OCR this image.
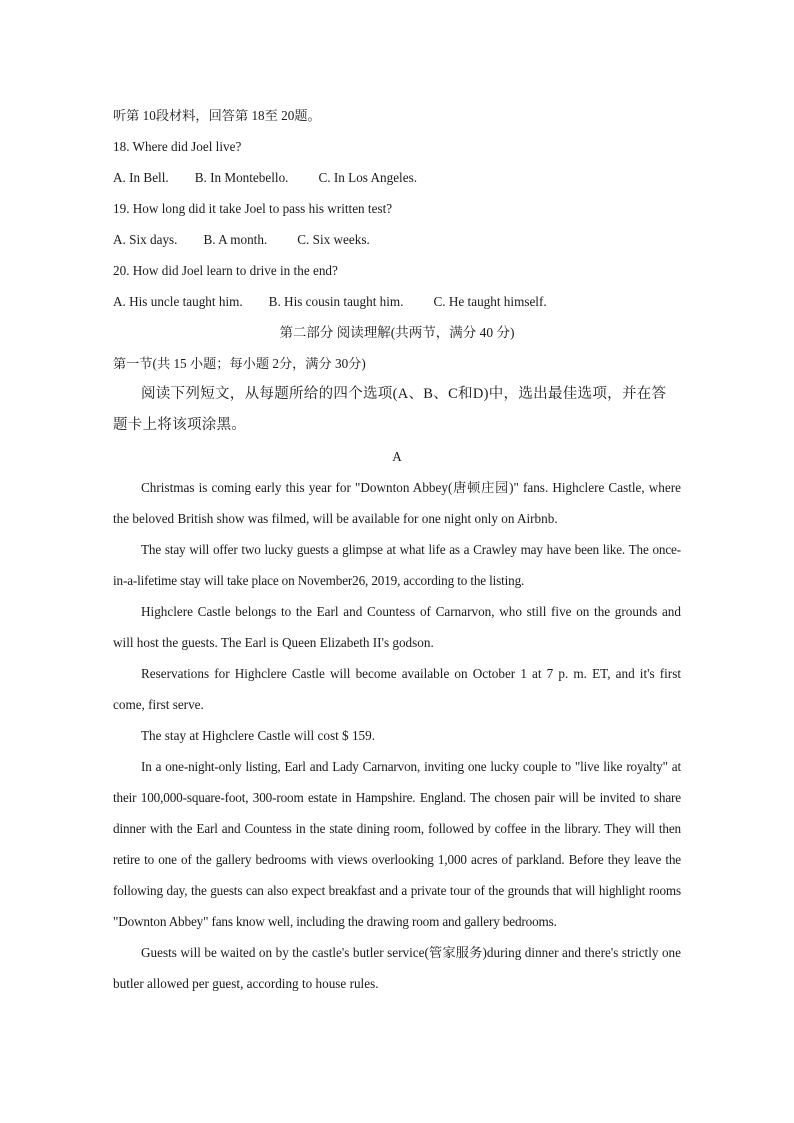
听第 10段材料，回答第 18至 20题。
18. Where did Joel live?
A. In Bell. B. In Montebello. C. In Los Angeles.
19. How long did it take Joel to pass his written test?
A. Six days. B. A month. C. Six weeks.
20. How did Joel learn to drive in the end?
A. His uncle taught him. B. His cousin taught him. C. He taught himself.
第二部分 阅读理解(共两节，满分 40 分)
第一节(共 15 小题；每小题 2分，满分 30分)

阅读下列短文，从每题所给的四个选项(A、B、C和D)中，选出最佳选项，并在答题卡上将该项涂黑。

A

Christmas is coming early this year for "Downton Abbey(唐顿庄园)" fans. Highclere Castle, where the beloved British show was filmed, will be available for one night only on Airbnb.

The stay will offer two lucky guests a glimpse at what life as a Crawley may have been like. The once-in-a-lifetime stay will take place on November26, 2019, according to the listing.

Highclere Castle belongs to the Earl and Countess of Carnarvon, who still five on the grounds and will host the guests. The Earl is Queen Elizabeth II's godson.

Reservations for Highclere Castle will become available on October 1 at 7 p. m. ET, and it's first come, first serve.

The stay at Highclere Castle will cost $ 159.

In a one-night-only listing, Earl and Lady Carnarvon, inviting one lucky couple to "live like royalty" at their 100,000-square-foot, 300-room estate in Hampshire. England. The chosen pair will be invited to share dinner with the Earl and Countess in the state dining room, followed by coffee in the library. They will then retire to one of the gallery bedrooms with views overlooking 1,000 acres of parkland. Before they leave the following day, the guests can also expect breakfast and a private tour of the grounds that will highlight rooms "Downton Abbey" fans know well, including the drawing room and gallery bedrooms.

Guests will be waited on by the castle's butler service(管家服务)during dinner and there's strictly one butler allowed per guest, according to house rules.
